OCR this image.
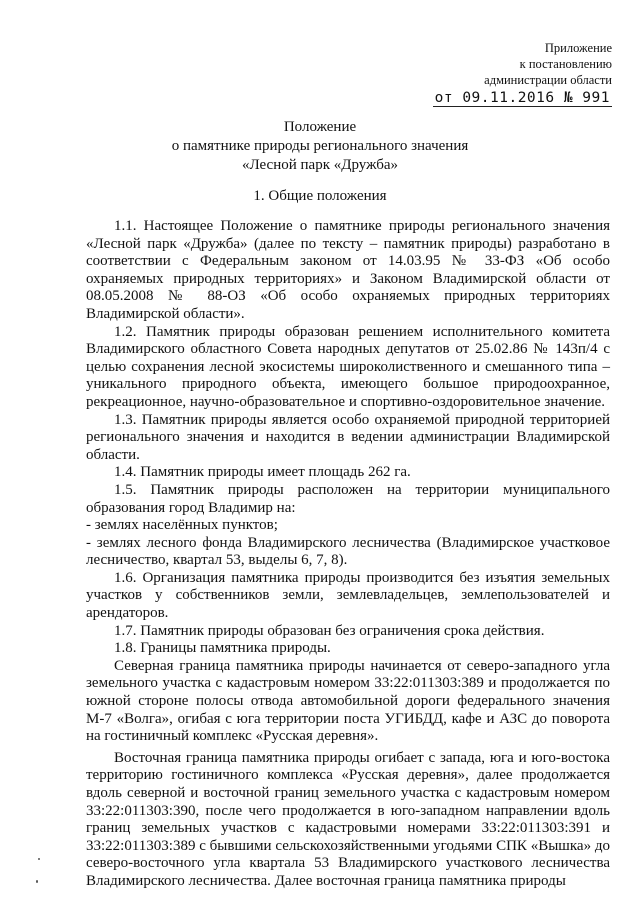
Приложение
к постановлению
администрации области
от 09.11.2016 № 991
Положение
о памятнике природы регионального значения
«Лесной парк «Дружба»
1. Общие положения

1.1. Настоящее Положение о памятнике природы регионального значения «Лесной парк «Дружба» (далее по тексту – памятник природы) разработано в соответствии с Федеральным законом от 14.03.95 № 33-ФЗ «Об особо охраняемых природных территориях» и Законом Владимирской области от 08.05.2008 № 88-ОЗ «Об особо охраняемых природных территориях Владимирской области».

1.2. Памятник природы образован решением исполнительного комитета Владимирского областного Совета народных депутатов от 25.02.86 № 143п/4 с целью сохранения лесной экосистемы широколиственного и смешанного типа – уникального природного объекта, имеющего большое природоохранное, рекреационное, научно-образовательное и спортивно-оздоровительное значение.

1.3. Памятник природы является особо охраняемой природной территорией регионального значения и находится в ведении администрации Владимирской области.

1.4. Памятник природы имеет площадь 262 га.

1.5. Памятник природы расположен на территории муниципального образования город Владимир на:

- землях населённых пунктов;

- землях лесного фонда Владимирского лесничества (Владимирское участковое лесничество, квартал 53, выделы 6, 7, 8).

1.6. Организация памятника природы производится без изъятия земельных участков у собственников земли, землевладельцев, землепользователей и арендаторов.

1.7. Памятник природы образован без ограничения срока действия.

1.8. Границы памятника природы.

Северная граница памятника природы начинается от северо-западного угла земельного участка с кадастровым номером 33:22:011303:389 и продолжается по южной стороне полосы отвода автомобильной дороги федерального значения М-7 «Волга», огибая с юга территории поста УГИБДД, кафе и АЗС до поворота на гостиничный комплекс «Русская деревня».

Восточная граница памятника природы огибает с запада, юга и юго-востока территорию гостиничного комплекса «Русская деревня», далее продолжается вдоль северной и восточной границ земельного участка с кадастровым номером 33:22:011303:390, после чего продолжается в юго-западном направлении вдоль границ земельных участков с кадастровыми номерами 33:22:011303:391 и 33:22:011303:389 с бывшими сельскохозяйственными угодьями СПК «Вышка» до северо-восточного угла квартала 53 Владимирского участкового лесничества Владимирского лесничества. Далее восточная граница памятника природы
